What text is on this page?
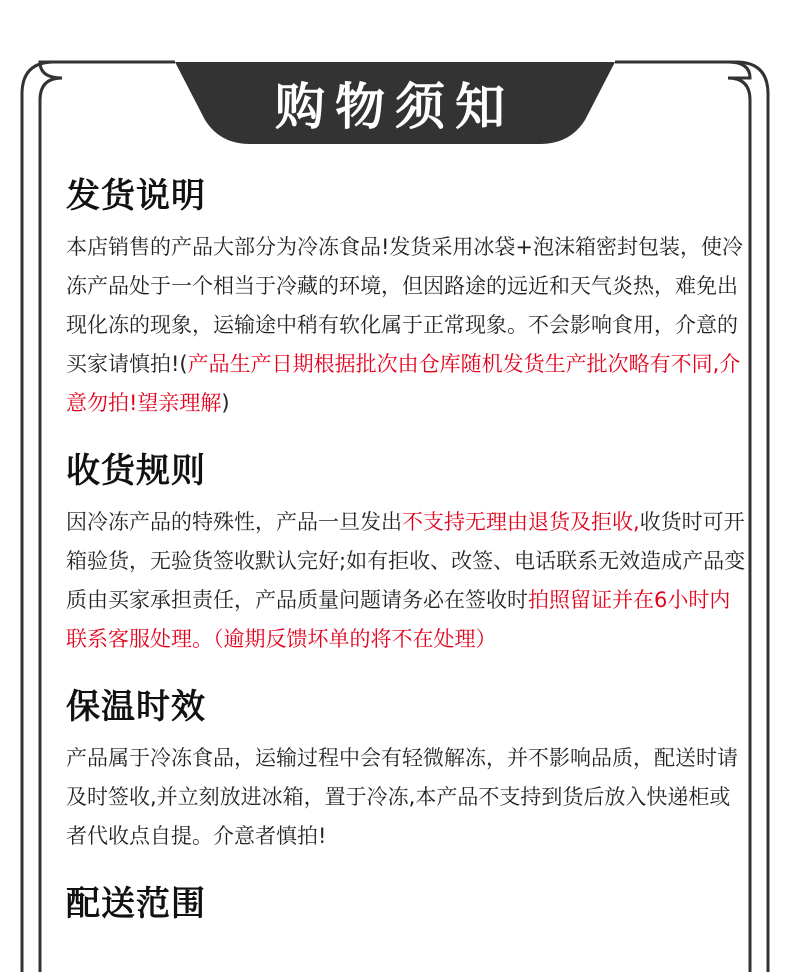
购物须知
发货说明

本店销售的产品大部分为冷冻食品!发货采用冰袋+泡沫箱密封包装，使冷冻产品处于一个相当于冷藏的环境，但因路途的远近和天气炎热，难免出现化冻的现象，运输途中稍有软化属于正常现象。不会影响食用，介意的买家请慎拍!(产品生产日期根据批次由仓库随机发货生产批次略有不同,介意勿拍!望亲理解)

收货规则

因冷冻产品的特殊性，产品一旦发出不支持无理由退货及拒收,收货时可开箱验货，无验货签收默认完好;如有拒收、改签、电话联系无效造成产品变质由买家承担责任，产品质量问题请务必在签收时拍照留证并在6小时内联系客服处理。（逾期反馈坏单的将不在处理）

保温时效

产品属于冷冻食品，运输过程中会有轻微解冻，并不影响品质，配送时请及时签收,并立刻放进冰箱，置于冷冻,本产品不支持到货后放入快递柜或者代收点自提。介意者慎拍!

配送范围
